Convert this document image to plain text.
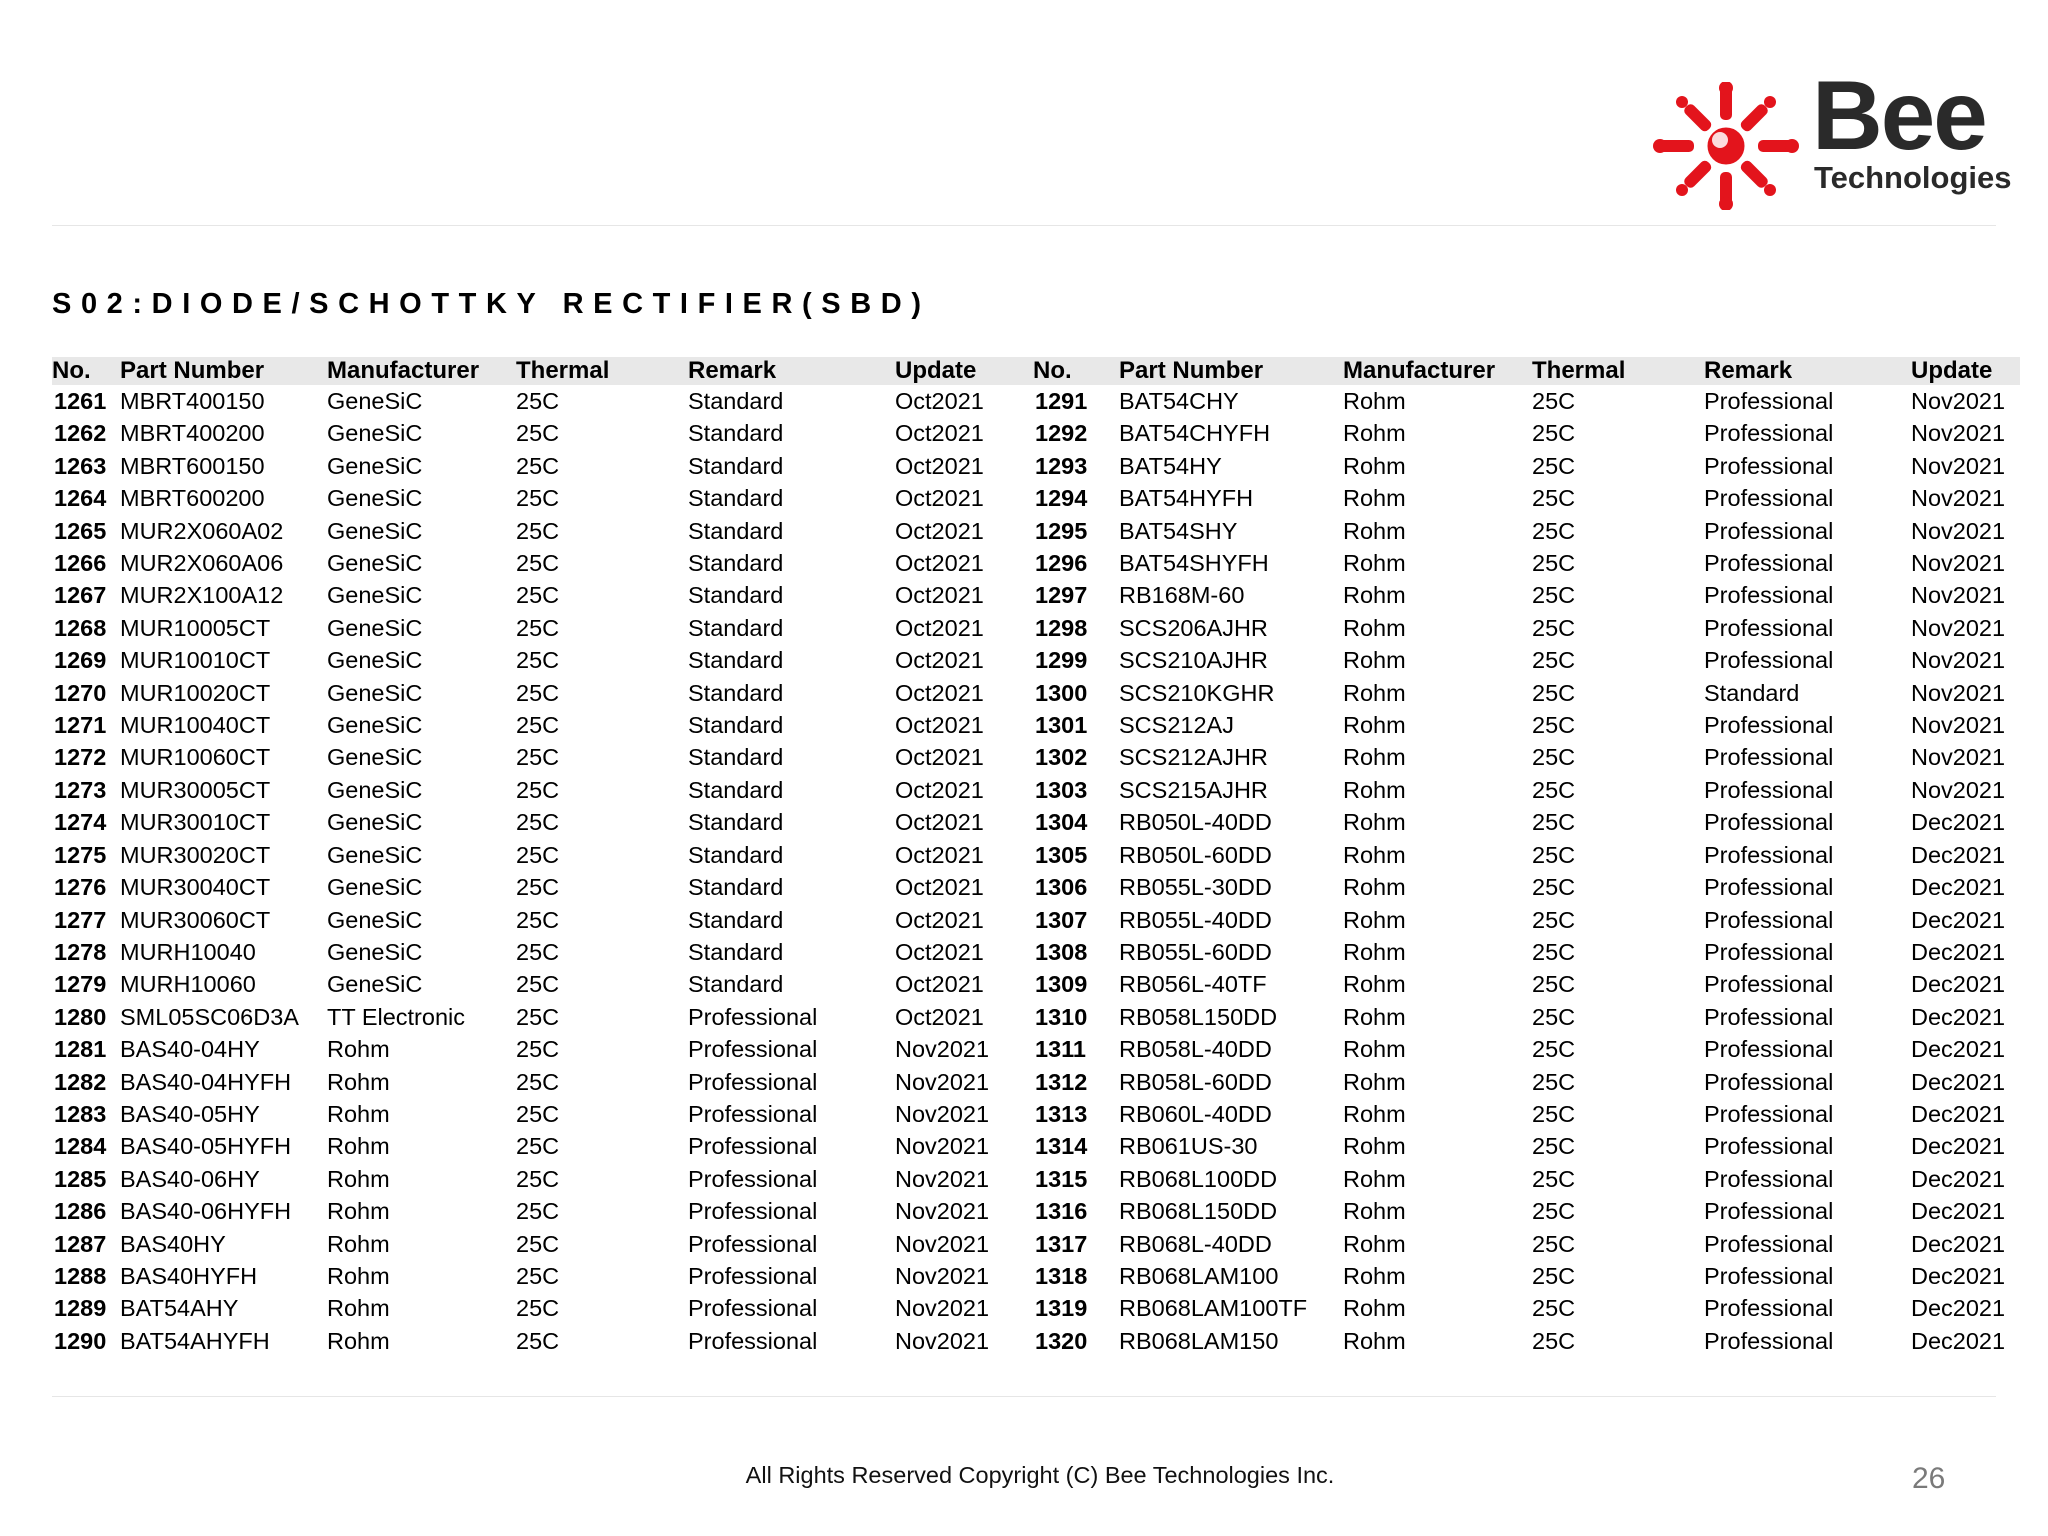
Bee
Technologies
S02:DIODE/SCHOTTKY RECTIFIER(SBD)
No.	Part Number	Manufacturer	Thermal	Remark	Update	No.	Part Number	Manufacturer	Thermal	Remark	Update
1261	MBRT400150	GeneSiC	25C	Standard	Oct2021	1291	BAT54CHY	Rohm	25C	Professional	Nov2021
1262	MBRT400200	GeneSiC	25C	Standard	Oct2021	1292	BAT54CHYFH	Rohm	25C	Professional	Nov2021
1263	MBRT600150	GeneSiC	25C	Standard	Oct2021	1293	BAT54HY	Rohm	25C	Professional	Nov2021
1264	MBRT600200	GeneSiC	25C	Standard	Oct2021	1294	BAT54HYFH	Rohm	25C	Professional	Nov2021
1265	MUR2X060A02	GeneSiC	25C	Standard	Oct2021	1295	BAT54SHY	Rohm	25C	Professional	Nov2021
1266	MUR2X060A06	GeneSiC	25C	Standard	Oct2021	1296	BAT54SHYFH	Rohm	25C	Professional	Nov2021
1267	MUR2X100A12	GeneSiC	25C	Standard	Oct2021	1297	RB168M-60	Rohm	25C	Professional	Nov2021
1268	MUR10005CT	GeneSiC	25C	Standard	Oct2021	1298	SCS206AJHR	Rohm	25C	Professional	Nov2021
1269	MUR10010CT	GeneSiC	25C	Standard	Oct2021	1299	SCS210AJHR	Rohm	25C	Professional	Nov2021
1270	MUR10020CT	GeneSiC	25C	Standard	Oct2021	1300	SCS210KGHR	Rohm	25C	Standard	Nov2021
1271	MUR10040CT	GeneSiC	25C	Standard	Oct2021	1301	SCS212AJ	Rohm	25C	Professional	Nov2021
1272	MUR10060CT	GeneSiC	25C	Standard	Oct2021	1302	SCS212AJHR	Rohm	25C	Professional	Nov2021
1273	MUR30005CT	GeneSiC	25C	Standard	Oct2021	1303	SCS215AJHR	Rohm	25C	Professional	Nov2021
1274	MUR30010CT	GeneSiC	25C	Standard	Oct2021	1304	RB050L-40DD	Rohm	25C	Professional	Dec2021
1275	MUR30020CT	GeneSiC	25C	Standard	Oct2021	1305	RB050L-60DD	Rohm	25C	Professional	Dec2021
1276	MUR30040CT	GeneSiC	25C	Standard	Oct2021	1306	RB055L-30DD	Rohm	25C	Professional	Dec2021
1277	MUR30060CT	GeneSiC	25C	Standard	Oct2021	1307	RB055L-40DD	Rohm	25C	Professional	Dec2021
1278	MURH10040	GeneSiC	25C	Standard	Oct2021	1308	RB055L-60DD	Rohm	25C	Professional	Dec2021
1279	MURH10060	GeneSiC	25C	Standard	Oct2021	1309	RB056L-40TF	Rohm	25C	Professional	Dec2021
1280	SML05SC06D3A	TT Electronic	25C	Professional	Oct2021	1310	RB058L150DD	Rohm	25C	Professional	Dec2021
1281	BAS40-04HY	Rohm	25C	Professional	Nov2021	1311	RB058L-40DD	Rohm	25C	Professional	Dec2021
1282	BAS40-04HYFH	Rohm	25C	Professional	Nov2021	1312	RB058L-60DD	Rohm	25C	Professional	Dec2021
1283	BAS40-05HY	Rohm	25C	Professional	Nov2021	1313	RB060L-40DD	Rohm	25C	Professional	Dec2021
1284	BAS40-05HYFH	Rohm	25C	Professional	Nov2021	1314	RB061US-30	Rohm	25C	Professional	Dec2021
1285	BAS40-06HY	Rohm	25C	Professional	Nov2021	1315	RB068L100DD	Rohm	25C	Professional	Dec2021
1286	BAS40-06HYFH	Rohm	25C	Professional	Nov2021	1316	RB068L150DD	Rohm	25C	Professional	Dec2021
1287	BAS40HY	Rohm	25C	Professional	Nov2021	1317	RB068L-40DD	Rohm	25C	Professional	Dec2021
1288	BAS40HYFH	Rohm	25C	Professional	Nov2021	1318	RB068LAM100	Rohm	25C	Professional	Dec2021
1289	BAT54AHY	Rohm	25C	Professional	Nov2021	1319	RB068LAM100TF	Rohm	25C	Professional	Dec2021
1290	BAT54AHYFH	Rohm	25C	Professional	Nov2021	1320	RB068LAM150	Rohm	25C	Professional	Dec2021
All Rights Reserved Copyright (C) Bee Technologies Inc.	26
